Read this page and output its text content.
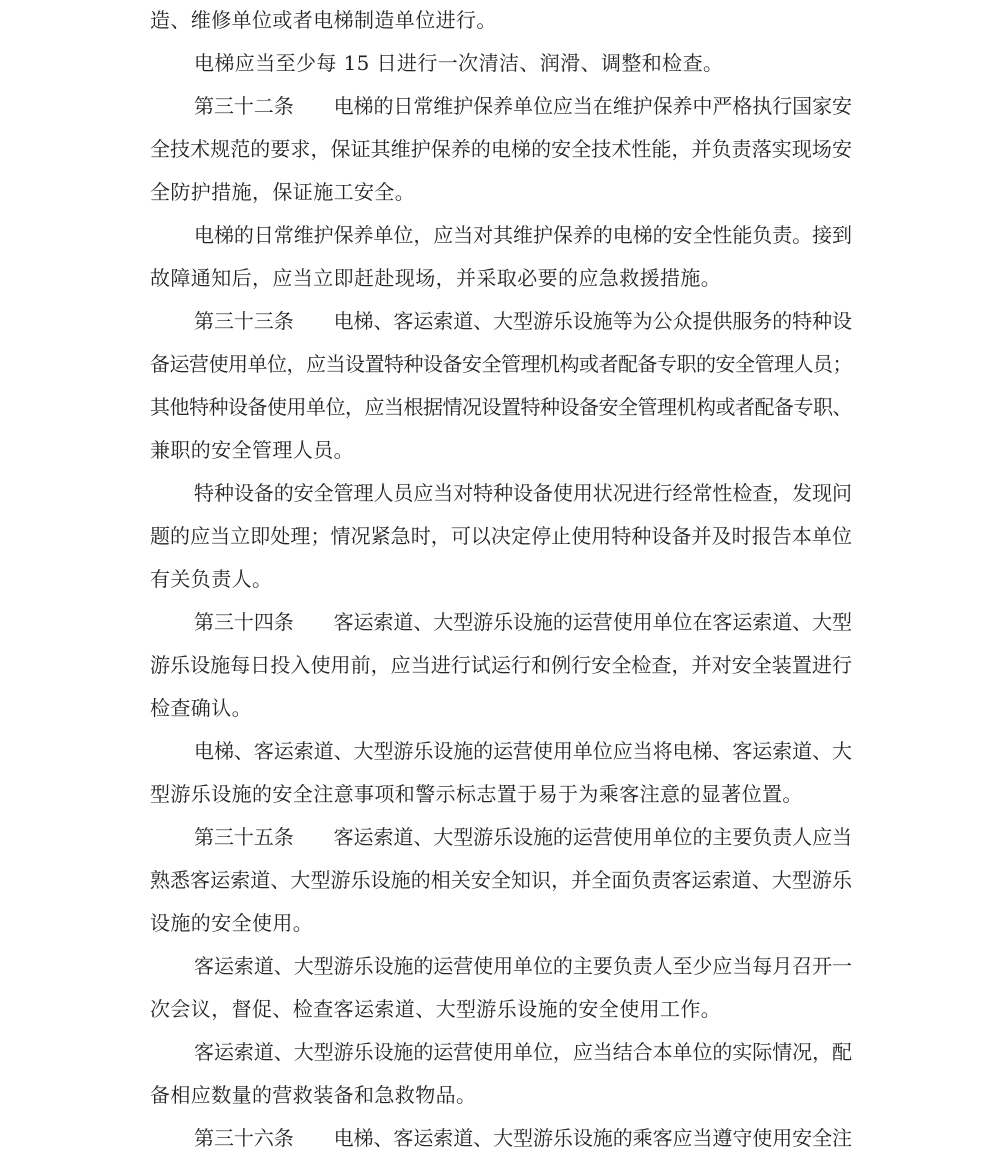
造、维修单位或者电梯制造单位进行。
电梯应当至少每 15 日进行一次清洁、润滑、调整和检查。
第三十二条　　电梯的日常维护保养单位应当在维护保养中严格执行国家安
全技术规范的要求，保证其维护保养的电梯的安全技术性能，并负责落实现场安
全防护措施，保证施工安全。
电梯的日常维护保养单位，应当对其维护保养的电梯的安全性能负责。接到
故障通知后，应当立即赶赴现场，并采取必要的应急救援措施。
第三十三条　　电梯、客运索道、大型游乐设施等为公众提供服务的特种设
备运营使用单位，应当设置特种设备安全管理机构或者配备专职的安全管理人员；
其他特种设备使用单位，应当根据情况设置特种设备安全管理机构或者配备专职、
兼职的安全管理人员。
特种设备的安全管理人员应当对特种设备使用状况进行经常性检查，发现问
题的应当立即处理；情况紧急时，可以决定停止使用特种设备并及时报告本单位
有关负责人。
第三十四条　　客运索道、大型游乐设施的运营使用单位在客运索道、大型
游乐设施每日投入使用前，应当进行试运行和例行安全检查，并对安全装置进行
检查确认。
电梯、客运索道、大型游乐设施的运营使用单位应当将电梯、客运索道、大
型游乐设施的安全注意事项和警示标志置于易于为乘客注意的显著位置。
第三十五条　　客运索道、大型游乐设施的运营使用单位的主要负责人应当
熟悉客运索道、大型游乐设施的相关安全知识，并全面负责客运索道、大型游乐
设施的安全使用。
客运索道、大型游乐设施的运营使用单位的主要负责人至少应当每月召开一
次会议，督促、检查客运索道、大型游乐设施的安全使用工作。
客运索道、大型游乐设施的运营使用单位，应当结合本单位的实际情况，配
备相应数量的营救装备和急救物品。
第三十六条　　电梯、客运索道、大型游乐设施的乘客应当遵守使用安全注
